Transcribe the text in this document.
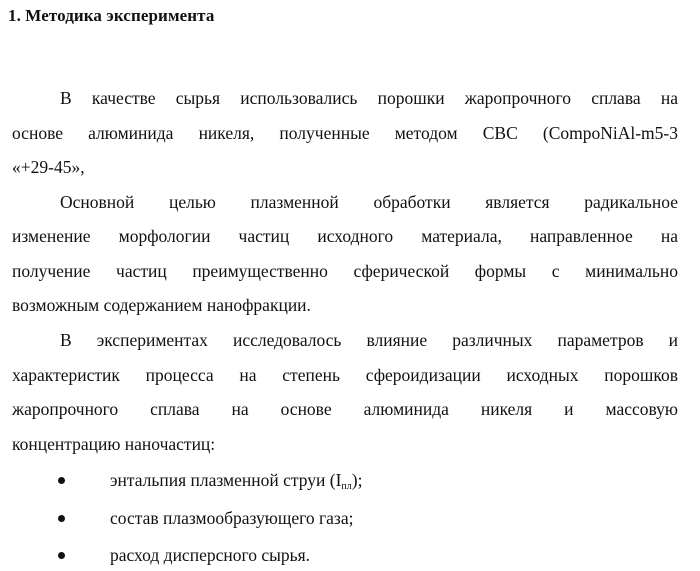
1. Методика эксперимента
В качестве сырья использовались порошки жаропрочного сплава на
основе алюминида никеля, полученные методом СВС (CompoNiAl-m5-3
«+29-45»,
Основной целью плазменной обработки является радикальное
изменение морфологии частиц исходного материала, направленное на
получение частиц преимущественно сферической формы с минимально
возможным содержанием нанофракции.
В экспериментах исследовалось влияние различных параметров и
характеристик процесса на степень сфероидизации исходных порошков
жаропрочного сплава на основе алюминида никеля и массовую
концентрацию наночастиц:
энтальпия плазменной струи $(I_{пл})$;
состав плазмообразующего газа;
расход дисперсного сырья.
